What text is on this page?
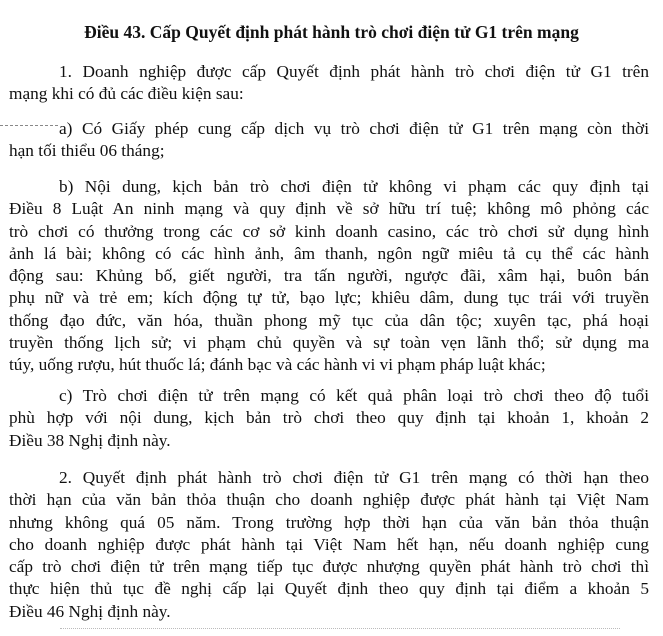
Điều 43. Cấp Quyết định phát hành trò chơi điện tử G1 trên mạng
1. Doanh nghiệp được cấp Quyết định phát hành trò chơi điện tử G1 trên
mạng khi có đủ các điều kiện sau:
a) Có Giấy phép cung cấp dịch vụ trò chơi điện tử G1 trên mạng còn thời
hạn tối thiểu 06 tháng;
b) Nội dung, kịch bản trò chơi điện tử không vi phạm các quy định tại
Điều 8 Luật An ninh mạng và quy định về sở hữu trí tuệ; không mô phỏng các
trò chơi có thưởng trong các cơ sở kinh doanh casino, các trò chơi sử dụng hình
ảnh lá bài; không có các hình ảnh, âm thanh, ngôn ngữ miêu tả cụ thể các hành
động sau: Khủng bố, giết người, tra tấn người, ngược đãi, xâm hại, buôn bán
phụ nữ và trẻ em; kích động tự tử, bạo lực; khiêu dâm, dung tục trái với truyền
thống đạo đức, văn hóa, thuần phong mỹ tục của dân tộc; xuyên tạc, phá hoại
truyền thống lịch sử; vi phạm chủ quyền và sự toàn vẹn lãnh thổ; sử dụng ma
túy, uống rượu, hút thuốc lá; đánh bạc và các hành vi vi phạm pháp luật khác;
c) Trò chơi điện tử trên mạng có kết quả phân loại trò chơi theo độ tuổi
phù hợp với nội dung, kịch bản trò chơi theo quy định tại khoản 1, khoản 2
Điều 38 Nghị định này.
2. Quyết định phát hành trò chơi điện tử G1 trên mạng có thời hạn theo
thời hạn của văn bản thỏa thuận cho doanh nghiệp được phát hành tại Việt Nam
nhưng không quá 05 năm. Trong trường hợp thời hạn của văn bản thỏa thuận
cho doanh nghiệp được phát hành tại Việt Nam hết hạn, nếu doanh nghiệp cung
cấp trò chơi điện tử trên mạng tiếp tục được nhượng quyền phát hành trò chơi thì
thực hiện thủ tục đề nghị cấp lại Quyết định theo quy định tại điểm a khoản 5
Điều 46 Nghị định này.
